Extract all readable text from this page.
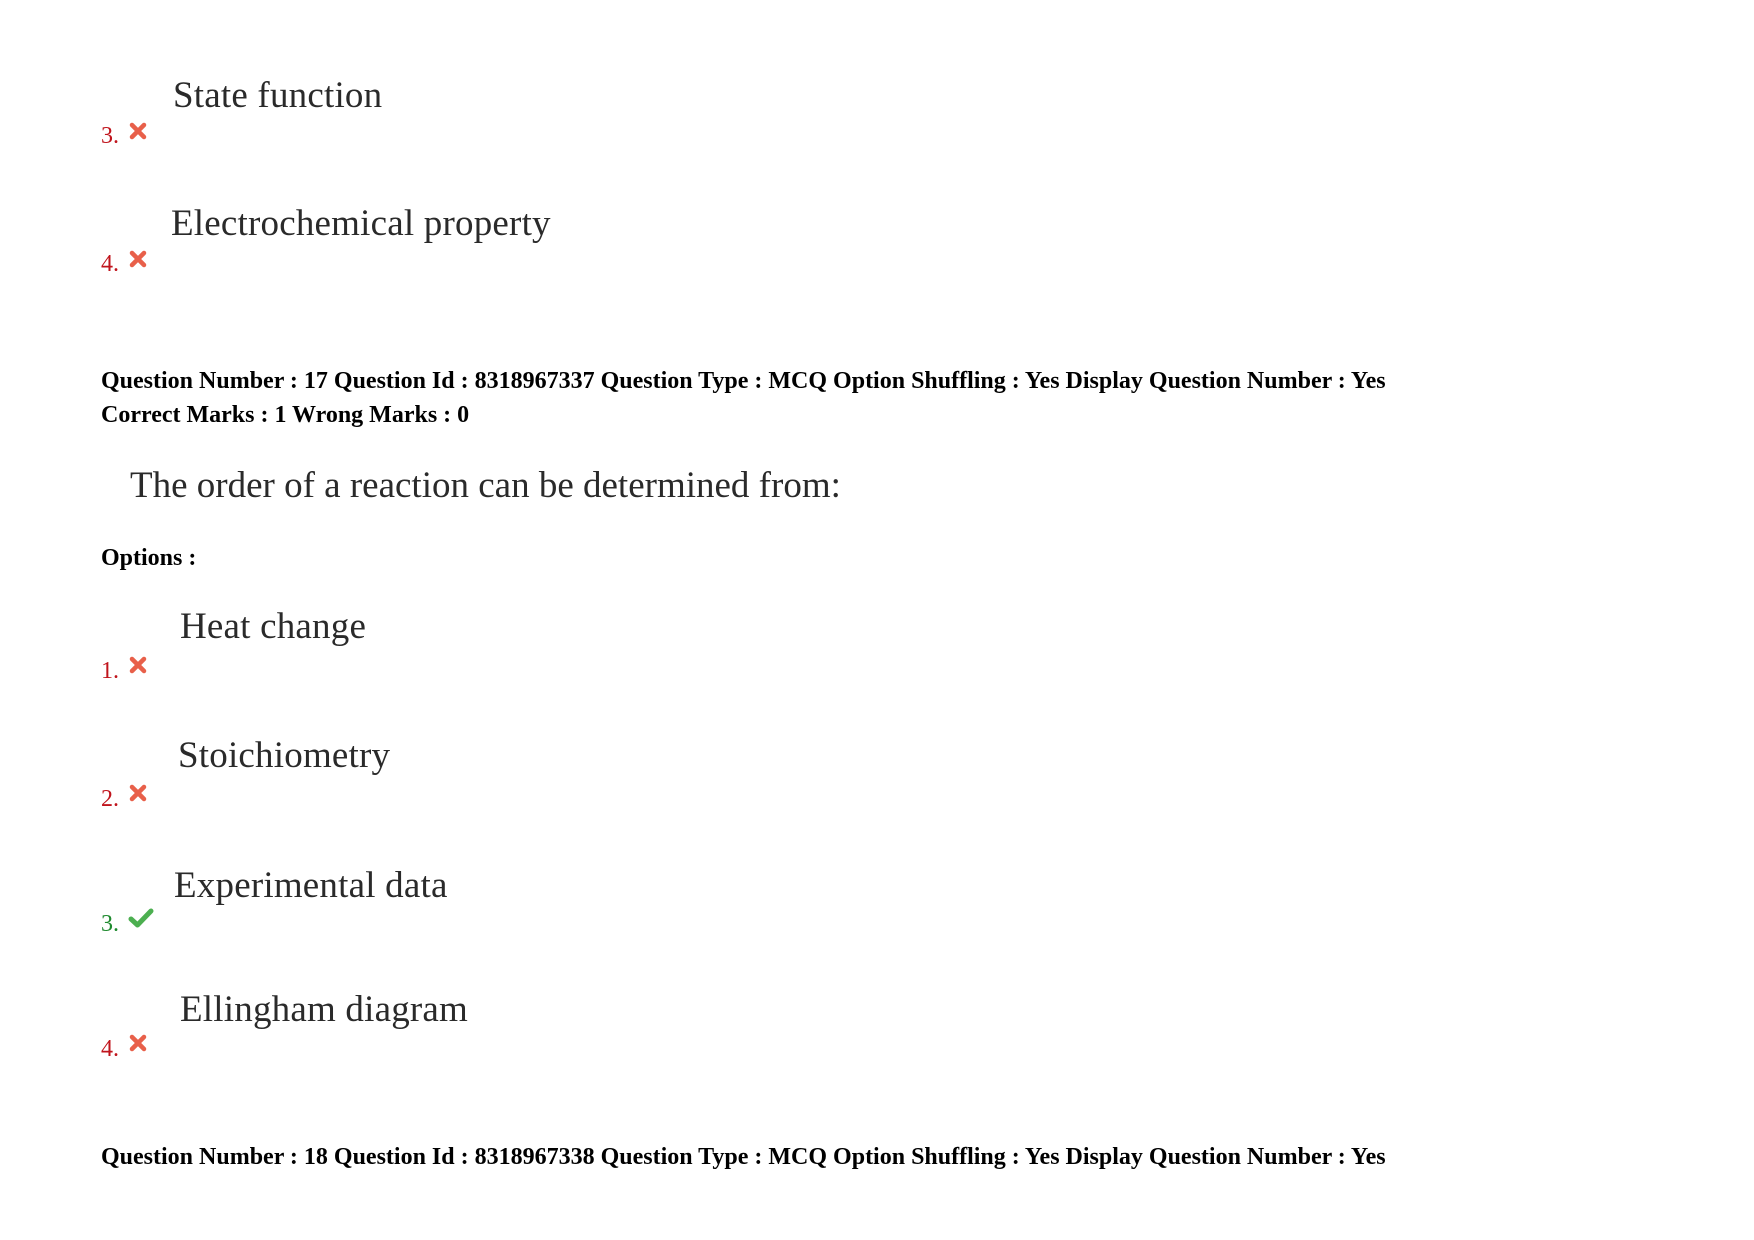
State function
3.
Electrochemical property
4.
Question Number : 17 Question Id : 8318967337 Question Type : MCQ Option Shuffling : Yes Display Question Number : Yes
Correct Marks : 1 Wrong Marks : 0
The order of a reaction can be determined from:
Options :
Heat change
1.
Stoichiometry
2.
Experimental data
3.
Ellingham diagram
4.
Question Number : 18 Question Id : 8318967338 Question Type : MCQ Option Shuffling : Yes Display Question Number : Yes
